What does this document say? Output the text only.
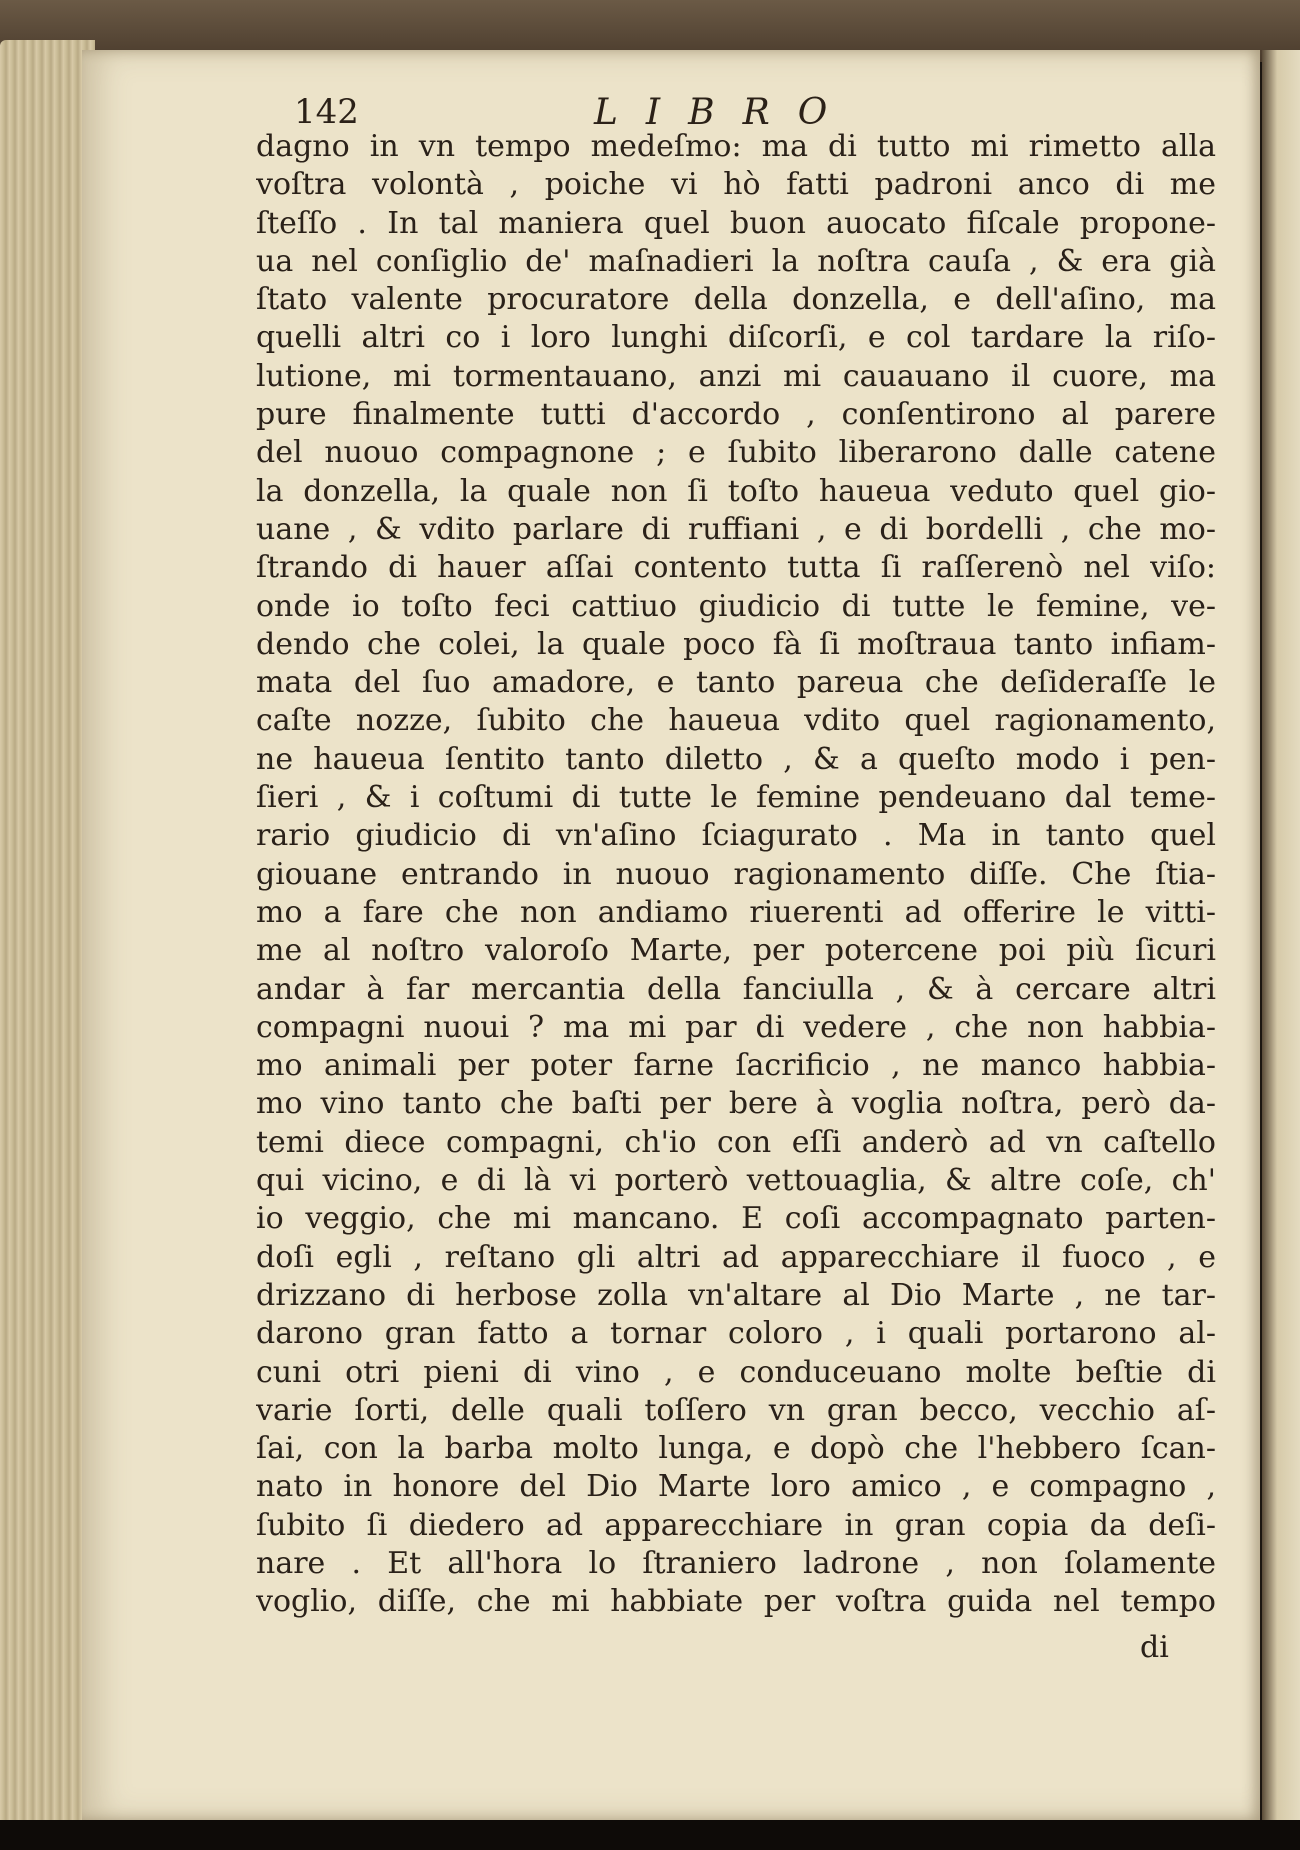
142	LIBRO
dagno in vn tempo medeſmo: ma di tutto mi rimetto alla
voſtra volontà , poiche vi hò fatti padroni anco di me
ſteſſo . In tal maniera quel buon auocato fiſcale propone-
ua nel conſiglio de' maſnadieri la noſtra cauſa , & era già
ſtato valente procuratore della donzella, e dell'aſino, ma
quelli altri co i loro lunghi diſcorſi, e col tardare la riſo-
lutione, mi tormentauano, anzi mi cauauano il cuore, ma
pure finalmente tutti d'accordo , conſentirono al parere
del nuouo compagnone ; e ſubito liberarono dalle catene
la donzella, la quale non ſi toſto haueua veduto quel gio-
uane , & vdito parlare di ruffiani , e di bordelli , che mo-
ſtrando di hauer aſſai contento tutta ſi raſſerenò nel viſo:
onde io toſto feci cattiuo giudicio di tutte le femine, ve-
dendo che colei, la quale poco fà ſi moſtraua tanto infiam-
mata del ſuo amadore, e tanto pareua che deſideraſſe le
caſte nozze, ſubito che haueua vdito quel ragionamento,
ne haueua ſentito tanto diletto , & a queſto modo i pen-
ſieri , & i coſtumi di tutte le femine pendeuano dal teme-
rario giudicio di vn'aſino ſciagurato . Ma in tanto quel
giouane entrando in nuouo ragionamento diſſe. Che ſtia-
mo a fare che non andiamo riuerenti ad offerire le vitti-
me al noſtro valoroſo Marte, per potercene poi più ſicuri
andar à far mercantia della fanciulla , & à cercare altri
compagni nuoui ? ma mi par di vedere , che non habbia-
mo animali per poter farne ſacrificio , ne manco habbia-
mo vino tanto che baſti per bere à voglia noſtra, però da-
temi diece compagni, ch'io con eſſi anderò ad vn caſtello
qui vicino, e di là vi porterò vettouaglia, & altre coſe, ch'
io veggio, che mi mancano. E coſi accompagnato parten-
doſi egli , reſtano gli altri ad apparecchiare il fuoco , e
drizzano di herbose zolla vn'altare al Dio Marte , ne tar-
darono gran fatto a tornar coloro , i quali portarono al-
cuni otri pieni di vino , e conduceuano molte beſtie di
varie ſorti, delle quali toſſero vn gran becco, vecchio aſ-
ſai, con la barba molto lunga, e dopò che l'hebbero ſcan-
nato in honore del Dio Marte loro amico , e compagno ,
ſubito ſi diedero ad apparecchiare in gran copia da deſi-
nare . Et all'hora lo ſtraniero ladrone , non ſolamente
voglio, diſſe, che mi habbiate per voſtra guida nel tempo
di
